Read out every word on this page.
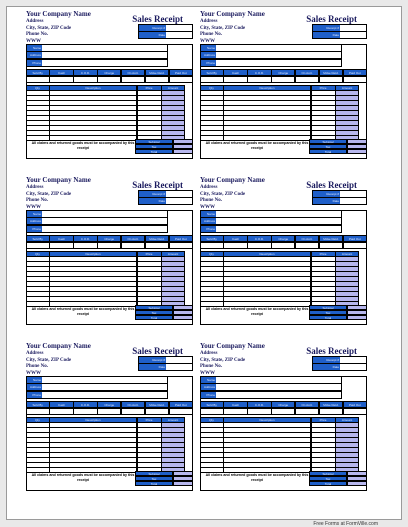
Your Company Name
Address
City, State, ZIP Code
Phone No.
WWW
Sales Receipt
Receipt #
Date
Name
Address
Phone
Sold By	Cash	C.O.D.	Charge	On Acct.	Mdse Retd.	Paid Out
Qty	Description	Price	Amount
All claims and returned goods must be accompanied by this receipt
Subtotal
Tax
Total
Your Company Name
Address
City, State, ZIP Code
Phone No.
WWW
Sales Receipt
Receipt #
Date
Name
Address
Phone
Sold By	Cash	C.O.D.	Charge	On Acct.	Mdse Retd.	Paid Out
Qty	Description	Price	Amount
All claims and returned goods must be accompanied by this receipt
Subtotal
Tax
Total
Your Company Name
Address
City, State, ZIP Code
Phone No.
WWW
Sales Receipt
Receipt #
Date
Name
Address
Phone
Sold By	Cash	C.O.D.	Charge	On Acct.	Mdse Retd.	Paid Out
Qty	Description	Price	Amount
All claims and returned goods must be accompanied by this receipt
Subtotal
Tax
Total
Your Company Name
Address
City, State, ZIP Code
Phone No.
WWW
Sales Receipt
Receipt #
Date
Name
Address
Phone
Sold By	Cash	C.O.D.	Charge	On Acct.	Mdse Retd.	Paid Out
Qty	Description	Price	Amount
All claims and returned goods must be accompanied by this receipt
Subtotal
Tax
Total
Your Company Name
Address
City, State, ZIP Code
Phone No.
WWW
Sales Receipt
Receipt #
Date
Name
Address
Phone
Sold By	Cash	C.O.D.	Charge	On Acct.	Mdse Retd.	Paid Out
Qty	Description	Price	Amount
All claims and returned goods must be accompanied by this receipt
Subtotal
Tax
Total
Your Company Name
Address
City, State, ZIP Code
Phone No.
WWW
Sales Receipt
Receipt #
Date
Name
Address
Phone
Sold By	Cash	C.O.D.	Charge	On Acct.	Mdse Retd.	Paid Out
Qty	Description	Price	Amount
All claims and returned goods must be accompanied by this receipt
Subtotal
Tax
Total
Free Forms at FormVille.com
